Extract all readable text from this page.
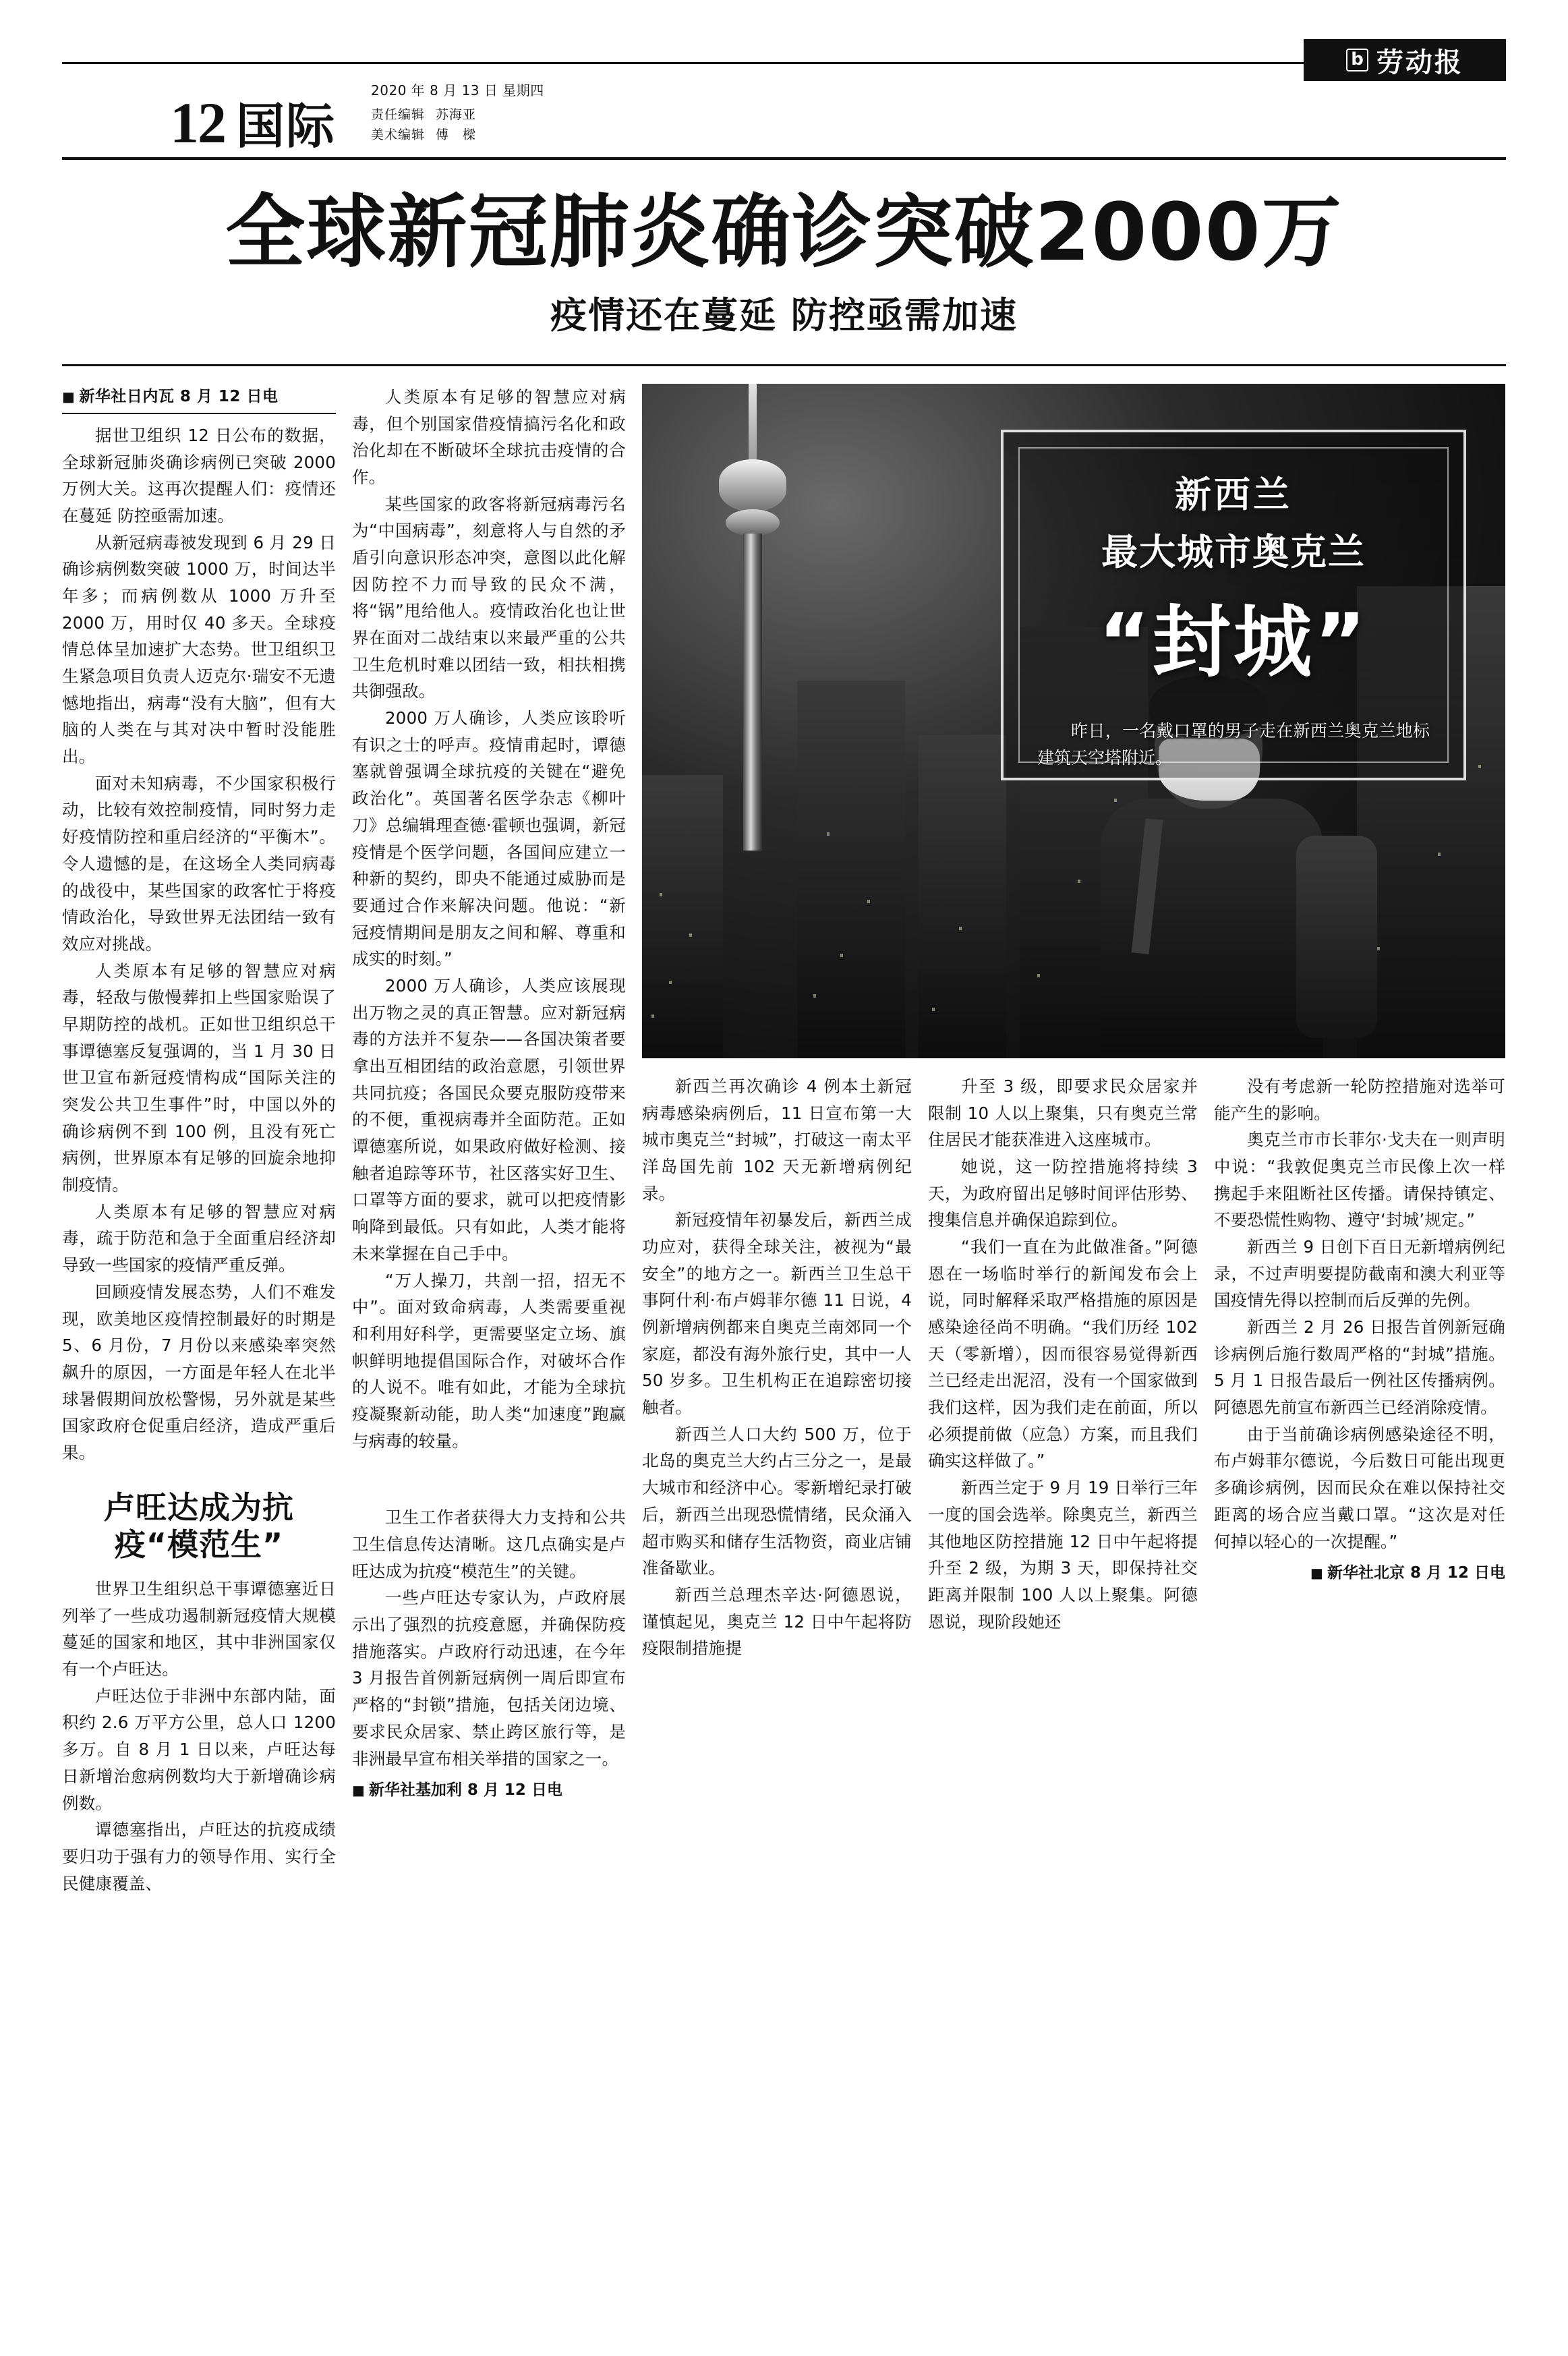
12 国际
2020 年 8 月 13 日 星期四
责任编辑 苏海亚
美术编辑 傅　樑
b 劳动报
全球新冠肺炎确诊突破2000万
疫情还在蔓延 防控亟需加速
■ 新华社日内瓦 8 月 12 日电

据世卫组织 12 日公布的数据，全球新冠肺炎确诊病例已突破 2000 万例大关。这再次提醒人们：疫情还在蔓延 防控亟需加速。

从新冠病毒被发现到 6 月 29 日确诊病例数突破 1000 万，时间达半年多；而病例数从 1000 万升至 2000 万，用时仅 40 多天。全球疫情总体呈加速扩大态势。世卫组织卫生紧急项目负责人迈克尔·瑞安不无遗憾地指出，病毒“没有大脑”，但有大脑的人类在与其对决中暂时没能胜出。

面对未知病毒，不少国家积极行动，比较有效控制疫情，同时努力走好疫情防控和重启经济的“平衡木”。令人遗憾的是，在这场全人类同病毒的战役中，某些国家的政客忙于将疫情政治化，导致世界无法团结一致有效应对挑战。

人类原本有足够的智慧应对病毒，轻敌与傲慢葬扣上些国家贻误了早期防控的战机。正如世卫组织总干事谭德塞反复强调的，当 1 月 30 日世卫宣布新冠疫情构成“国际关注的突发公共卫生事件”时，中国以外的确诊病例不到 100 例，且没有死亡病例，世界原本有足够的回旋余地抑制疫情。

人类原本有足够的智慧应对病毒，疏于防范和急于全面重启经济却导致一些国家的疫情严重反弹。

回顾疫情发展态势，人们不难发现，欧美地区疫情控制最好的时期是 5、6 月份，7 月份以来感染率突然飙升的原因，一方面是年轻人在北半球暑假期间放松警惕，另外就是某些国家政府仓促重启经济，造成严重后果。

卢旺达成为抗疫“模范生”

世界卫生组织总干事谭德塞近日列举了一些成功遏制新冠疫情大规模蔓延的国家和地区，其中非洲国家仅有一个卢旺达。

卢旺达位于非洲中东部内陆，面积约 2.6 万平方公里，总人口 1200 多万。自 8 月 1 日以来，卢旺达每日新增治愈病例数均大于新增确诊病例数。

谭德塞指出，卢旺达的抗疫成绩要归功于强有力的领导作用、实行全民健康覆盖、

人类原本有足够的智慧应对病毒，但个别国家借疫情搞污名化和政治化却在不断破坏全球抗击疫情的合作。

某些国家的政客将新冠病毒污名为“中国病毒”，刻意将人与自然的矛盾引向意识形态冲突，意图以此化解因防控不力而导致的民众不满，将“锅”甩给他人。疫情政治化也让世界在面对二战结束以来最严重的公共卫生危机时难以团结一致，相扶相携共御强敌。

2000 万人确诊，人类应该聆听有识之士的呼声。疫情甫起时，谭德塞就曾强调全球抗疫的关键在“避免政治化”。英国著名医学杂志《柳叶刀》总编辑理查德·霍顿也强调，新冠疫情是个医学问题，各国间应建立一种新的契约，即央不能通过威胁而是要通过合作来解决问题。他说：“新冠疫情期间是朋友之间和解、尊重和成实的时刻。”

2000 万人确诊，人类应该展现出万物之灵的真正智慧。应对新冠病毒的方法并不复杂——各国决策者要拿出互相团结的政治意愿，引领世界共同抗疫；各国民众要克服防疫带来的不便，重视病毒并全面防范。正如谭德塞所说，如果政府做好检测、接触者追踪等环节，社区落实好卫生、口罩等方面的要求，就可以把疫情影响降到最低。只有如此，人类才能将未来掌握在自己手中。

“万人操刀，共剖一招，招无不中”。面对致命病毒，人类需要重视和利用好科学，更需要坚定立场、旗帜鲜明地提倡国际合作，对破坏合作的人说不。唯有如此，才能为全球抗疫凝聚新动能，助人类“加速度”跑赢与病毒的较量。

卫生工作者获得大力支持和公共卫生信息传达清晰。这几点确实是卢旺达成为抗疫“模范生”的关键。

一些卢旺达专家认为，卢政府展示出了强烈的抗疫意愿，并确保防疫措施落实。卢政府行动迅速，在今年 3 月报告首例新冠病例一周后即宣布严格的“封锁”措施，包括关闭边境、要求民众居家、禁止跨区旅行等，是非洲最早宣布相关举措的国家之一。

■ 新华社基加利 8 月 12 日电
新西兰
最大城市奥克兰
“封城”
昨日，一名戴口罩的男子走在新西兰奥克兰地标建筑天空塔附近。

新西兰再次确诊 4 例本土新冠病毒感染病例后，11 日宣布第一大城市奥克兰“封城”，打破这一南太平洋岛国先前 102 天无新增病例纪录。

新冠疫情年初暴发后，新西兰成功应对，获得全球关注，被视为“最安全”的地方之一。新西兰卫生总干事阿什利·布卢姆菲尔德 11 日说，4 例新增病例都来自奥克兰南郊同一个家庭，都没有海外旅行史，其中一人 50 岁多。卫生机构正在追踪密切接触者。

新西兰人口大约 500 万，位于北岛的奥克兰大约占三分之一，是最大城市和经济中心。零新增纪录打破后，新西兰出现恐慌情绪，民众涌入超市购买和储存生活物资，商业店铺准备歇业。

新西兰总理杰辛达·阿德恩说，谨慎起见，奥克兰 12 日中午起将防疫限制措施提

升至 3 级，即要求民众居家并限制 10 人以上聚集，只有奥克兰常住居民才能获准进入这座城市。

她说，这一防控措施将持续 3 天，为政府留出足够时间评估形势、搜集信息并确保追踪到位。

“我们一直在为此做准备。”阿德恩在一场临时举行的新闻发布会上说，同时解释采取严格措施的原因是感染途径尚不明确。“我们历经 102 天（零新增），因而很容易觉得新西兰已经走出泥沼，没有一个国家做到我们这样，因为我们走在前面，所以必须提前做（应急）方案，而且我们确实这样做了。”

新西兰定于 9 月 19 日举行三年一度的国会选举。除奥克兰，新西兰其他地区防控措施 12 日中午起将提升至 2 级，为期 3 天，即保持社交距离并限制 100 人以上聚集。阿德恩说，现阶段她还

没有考虑新一轮防控措施对选举可能产生的影响。

奥克兰市市长菲尔·戈夫在一则声明中说：“我敦促奥克兰市民像上次一样携起手来阻断社区传播。请保持镇定、不要恐慌性购物、遵守‘封城’规定。”

新西兰 9 日创下百日无新增病例纪录，不过声明要提防截南和澳大利亚等国疫情先得以控制而后反弹的先例。

新西兰 2 月 26 日报告首例新冠确诊病例后施行数周严格的“封城”措施。5 月 1 日报告最后一例社区传播病例。阿德恩先前宣布新西兰已经消除疫情。

由于当前确诊病例感染途径不明，布卢姆菲尔德说，今后数日可能出现更多确诊病例，因而民众在难以保持社交距离的场合应当戴口罩。“这次是对任何掉以轻心的一次提醒。”

■ 新华社北京 8 月 12 日电
